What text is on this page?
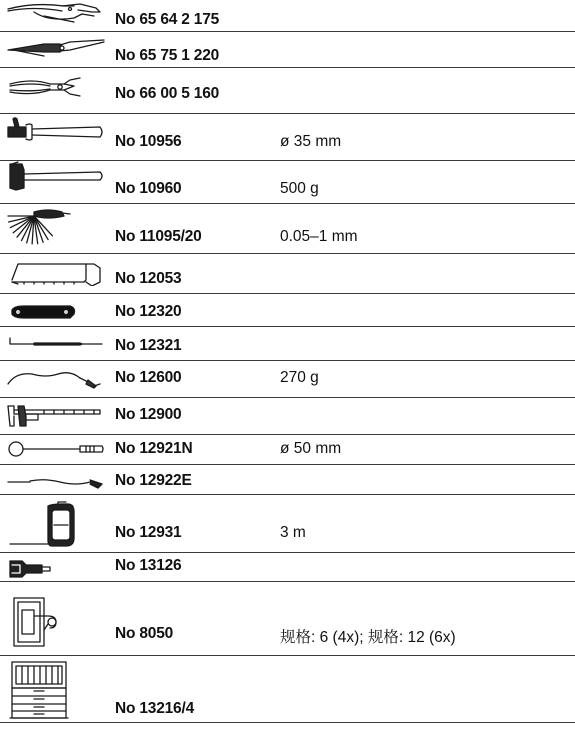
No 65 64 2 175
No 65 75 1 220
No 66 00 5 160
No 10956	ø 35 mm
No 10960	500 g
No 11095/20	0.05–1 mm
No 12053
No 12320
No 12321
No 12600	270 g
No 12900
No 12921N	ø 50 mm
No 12922E
No 12931	3 m
No 13126
No 8050	规格: 6 (4x); 规格: 12 (6x)
No 13216/4
